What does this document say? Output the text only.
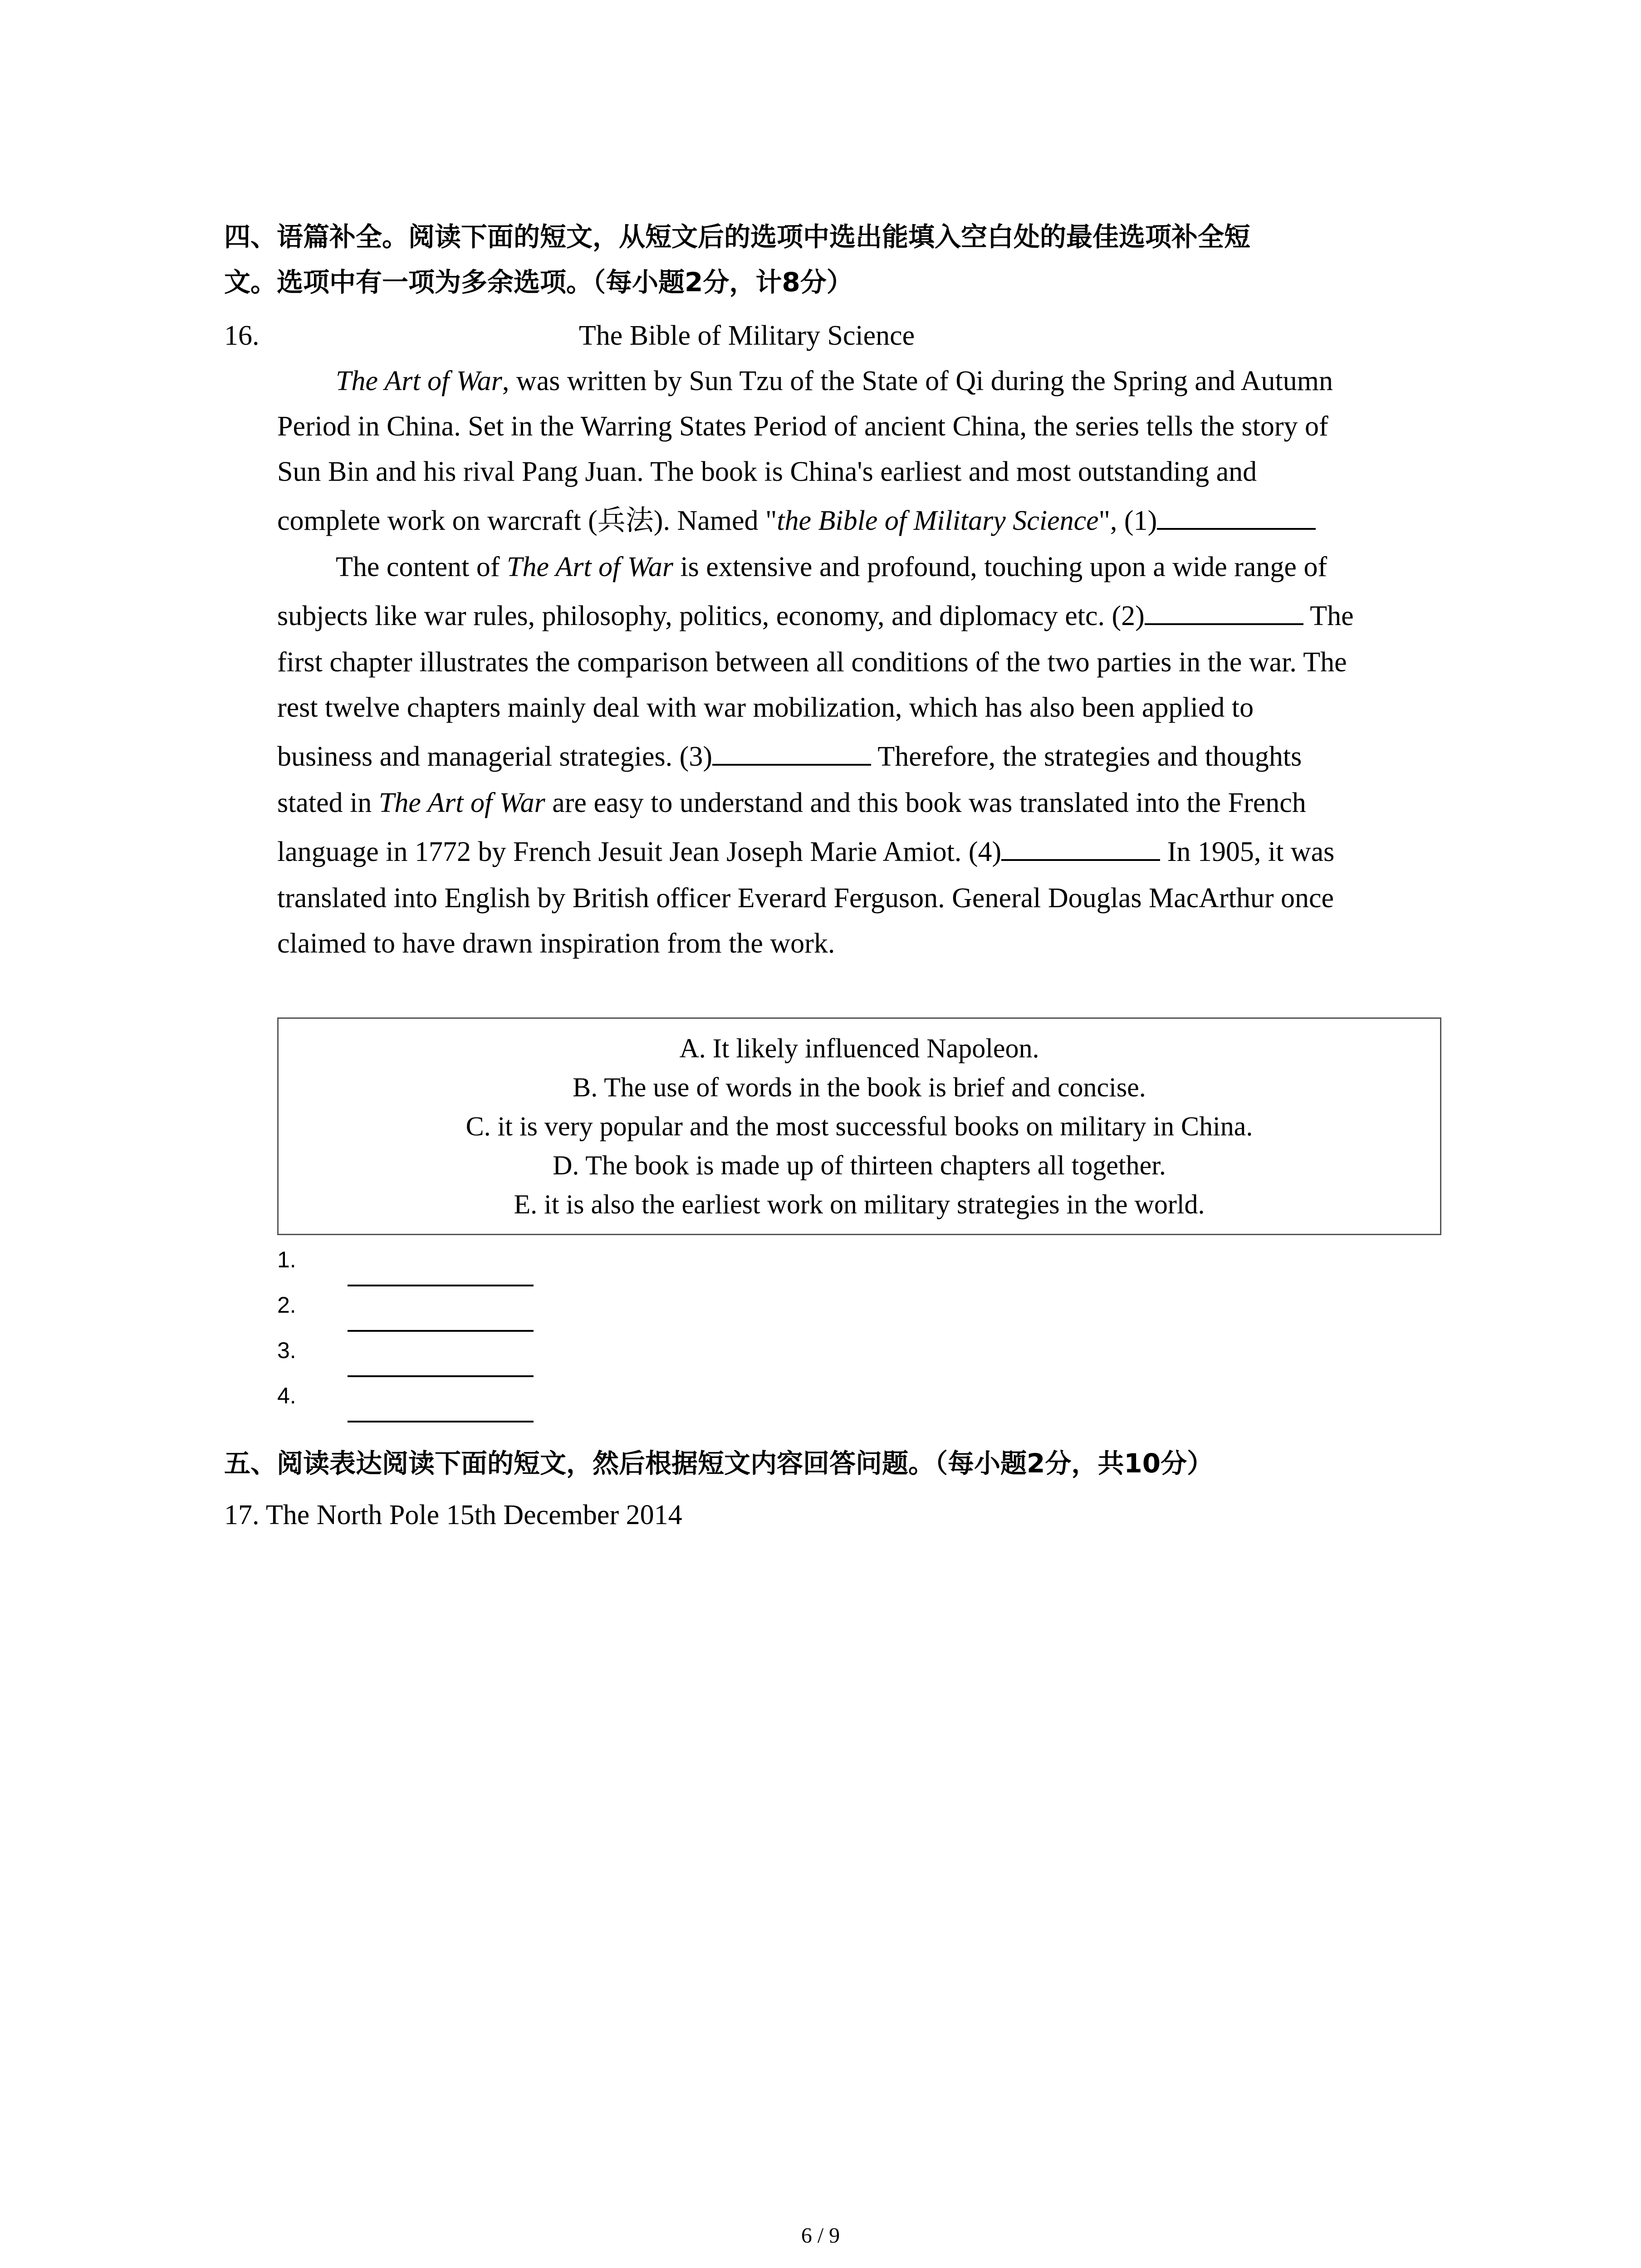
四、语篇补全。阅读下面的短文，从短文后的选项中选出能填入空白处的最佳选项补全短
文。选项中有一项为多余选项。（每小题2分，计8分）
16.	The Bible of Military Science
The Art of War, was written by Sun Tzu of the State of Qi during the Spring and Autumn
Period in China. Set in the Warring States Period of ancient China, the series tells the story of
Sun Bin and his rival Pang Juan. The book is China's earliest and most outstanding and
complete work on warcraft (兵法). Named "the Bible of Military Science", (1)
The content of The Art of War is extensive and profound, touching upon a wide range of
subjects like war rules, philosophy, politics, economy, and diplomacy etc. (2)	The
first chapter illustrates the comparison between all conditions of the two parties in the war. The
rest twelve chapters mainly deal with war mobilization, which has also been applied to
business and managerial strategies. (3)	Therefore, the strategies and thoughts
stated in The Art of War are easy to understand and this book was translated into the French
language in 1772 by French Jesuit Jean Joseph Marie Amiot. (4)	In 1905, it was
translated into English by British officer Everard Ferguson. General Douglas MacArthur once
claimed to have drawn inspiration from the work.
A. It likely influenced Napoleon.
B. The use of words in the book is brief and concise.
C. it is very popular and the most successful books on military in China.
D. The book is made up of thirteen chapters all together.
E. it is also the earliest work on military strategies in the world.
1.
2.
3.
4.
五、阅读表达阅读下面的短文，然后根据短文内容回答问题。（每小题2分，共10分）
17. The North Pole 15th December 2014
6 / 9
